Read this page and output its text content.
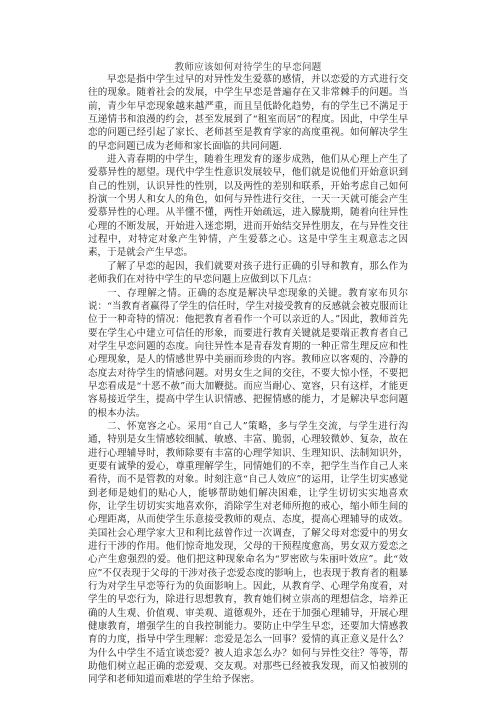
教师应该如何对待学生的早恋问题

早恋是指中学生过早的对异性发生爱慕的感情，并以恋爱的方式进行交往的现象。随着社会的发展，中学生早恋是普遍存在又非常棘手的问题。当前，青少年早恋现象越来越严重，而且呈低龄化趋势，有的学生已不满足于互递情书和浪漫的约会，甚至发展到了“租室而居”的程度。因此，中学生早恋的问题已经引起了家长、老师甚至是教育学家的高度重视。如何解决学生的早恋问题已成为老师和家长面临的共同问题.

进入青春期的中学生，随着生理发育的逐步成熟，他们从心理上产生了爱慕异性的愿望。现代中学生性意识发展较早，他们就是说他们开始意识到自己的性别，认识异性的性别，以及两性的差别和联系，开始考虑自己如何扮演一个男人和女人的角色，如何与异性进行交往，一天一天就可能会产生爱慕异性的心理。从半懂不懂，两性开始疏远，进入朦胧期，随着向往异性心理的不断发展，开始进入迷恋期，进而开始结交异性朋友，在与异性交往过程中，对特定对象产生钟情，产生爱慕之心。这是中学生主观意志之因素，于是就会产生早恋。

了解了早恋的起因，我们就要对孩子进行正确的引导和教育，那么作为老师我们在对待中学生的早恋问题上应做到以下几点：

一、存理解之情。正确的态度是解决早恋现象的关键。教育家布贝尔说：“当教育者赢得了学生的信任时，学生对接受教育的反感就会被克服而让位于一种奇特的情况：他把教育者看作一个可以亲近的人。”因此，教师首先要在学生心中建立可信任的形象，而要进行教育关键就是要端正教育者自己对学生早恋问题的态度。向往异性本是青春发育期的一种正常生理反应和性心理现象，是人的情感世界中美丽而珍贵的内容。教师应以客观的、冷静的态度去对待学生的情感问题。对男女生之间的交往，不要大惊小怪，不要把早恋看成是“十恶不赦”而大加鞭挞。而应当耐心、宽容，只有这样，才能更容易接近学生，提高中学生认识情感、把握情感的能力，才是解决早恋问题的根本办法。

二、怀宽容之心。采用“自己人”策略，多与学生交流，与学生进行沟通，特别是女生情感较细腻、敏感、丰富、脆弱，心理较微妙、复杂，故在进行心理辅导时，教师除要有丰富的心理学知识、生理知识、法制知识外，更要有诚挚的爱心，尊重理解学生，同情她们的不幸，把学生当作自己人来看待，而不是管教的对象。时刻注意“自己人效应”的运用，让学生切实感觉到老师是她们的贴心人，能够帮助她们解决困难，让学生切切实实地喜欢你，让学生切切实实地喜欢你，消除学生对老师所抱的戒心，缩小师生间的心理距离，从而使学生乐意接受教师的观点、态度，提高心理辅导的成效。美国社会心理学家大卫和利比兹曾作过一次调查，了解父母对恋爱中的男女进行干涉的作用。他们惊奇地发现，父母的干预程度愈高，男女双方爱恋之心产生愈强烈的爱。他们把这种现象命名为“罗密欧与朱丽叶效应”。此“效应”不仅表现于父母的干涉对孩子恋爱态度的影响上，也表现于教育者的粗暴行为对学生早恋等行为的负面影响上。因此，从教育学、心理学角度看，对学生的早恋行为，除进行思想教育，教育她们树立崇高的理想信念，培养正确的人生观、价值观、审美观、道德观外，还在于加强心理辅导，开展心理健康教育，增强学生的自我控制能力。要防止中学生早恋，还要加大情感教育的力度，指导中学生理解：恋爱是怎么一回事？爱情的真正意义是什么？为什么中学生不适宜谈恋爱？被人追求怎么办？如何与异性交往？等等，帮助他们树立起正确的恋爱观、交友观。对那些已经被我发现，而又怕被别的同学和老师知道而难堪的学生给予保密。
